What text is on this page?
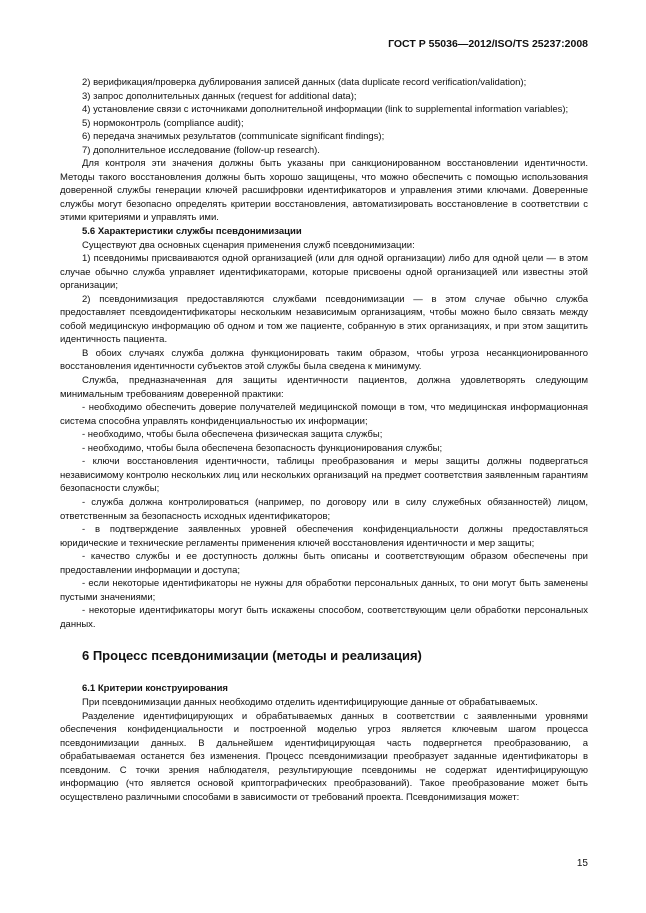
ГОСТ Р 55036—2012/ISO/TS 25237:2008

2) верификация/проверка дублирования записей данных (data duplicate record verification/validation);

3) запрос дополнительных данных (request for additional data);

4) установление связи с источниками дополнительной информации (link to supplemental information variables);

5) нормоконтроль (compliance audit);

6) передача значимых результатов (communicate significant findings);

7) дополнительное исследование (follow-up research).

Для контроля эти значения должны быть указаны при санкционированном восстановлении идентичности. Методы такого восстановления должны быть хорошо защищены, что можно обеспечить с помощью использования доверенной службы генерации ключей расшифровки идентификаторов и управления этими ключами. Доверенные службы могут безопасно определять критерии восстановления, автоматизировать восстановление в соответствии с этими критериями и управлять ими.

5.6 Характеристики службы псевдонимизации

Существуют два основных сценария применения служб псевдонимизации:

1) псевдонимы присваиваются одной организацией (или для одной организации) либо для одной цели — в этом случае обычно служба управляет идентификаторами, которые присвоены одной организацией или известны этой организации;

2) псевдонимизация предоставляются службами псевдонимизации — в этом случае обычно служба предоставляет псевдоидентификаторы нескольким независимым организациям, чтобы можно было связать между собой медицинскую информацию об одном и том же пациенте, собранную в этих организациях, и при этом защитить идентичность пациента.

В обоих случаях служба должна функционировать таким образом, чтобы угроза несанкционированного восстановления идентичности субъектов этой службы была сведена к минимуму.

Служба, предназначенная для защиты идентичности пациентов, должна удовлетворять следующим минимальным требованиям доверенной практики:

- необходимо обеспечить доверие получателей медицинской помощи в том, что медицинская информационная система способна управлять конфиденциальностью их информации;

- необходимо, чтобы была обеспечена физическая защита службы;

- необходимо, чтобы была обеспечена безопасность функционирования службы;

- ключи восстановления идентичности, таблицы преобразования и меры защиты должны подвергаться независимому контролю нескольких лиц или нескольких организаций на предмет соответствия заявленным гарантиям безопасности службы;

- служба должна контролироваться (например, по договору или в силу служебных обязанностей) лицом, ответственным за безопасность исходных идентификаторов;

- в подтверждение заявленных уровней обеспечения конфиденциальности должны предоставляться юридические и технические регламенты применения ключей восстановления идентичности и мер защиты;

- качество службы и ее доступность должны быть описаны и соответствующим образом обеспечены при предоставлении информации и доступа;

- если некоторые идентификаторы не нужны для обработки персональных данных, то они могут быть заменены пустыми значениями;

- некоторые идентификаторы могут быть искажены способом, соответствующим цели обработки персональных данных.

6 Процесс псевдонимизации (методы и реализация)
6.1 Критерии конструирования

При псевдонимизации данных необходимо отделить идентифицирующие данные от обрабатываемых.

Разделение идентифицирующих и обрабатываемых данных в соответствии с заявленными уровнями обеспечения конфиденциальности и построенной моделью угроз является ключевым шагом процесса псевдонимизации данных. В дальнейшем идентифицирующая часть подвергнется преобразованию, а обрабатываемая останется без изменения. Процесс псевдонимизации преобразует заданные идентификаторы в псевдоним. С точки зрения наблюдателя, результирующие псевдонимы не содержат идентифицирующую информацию (что является основой криптографических преобразований). Такое преобразование может быть осуществлено различными способами в зависимости от требований проекта. Псевдонимизация может:

15
